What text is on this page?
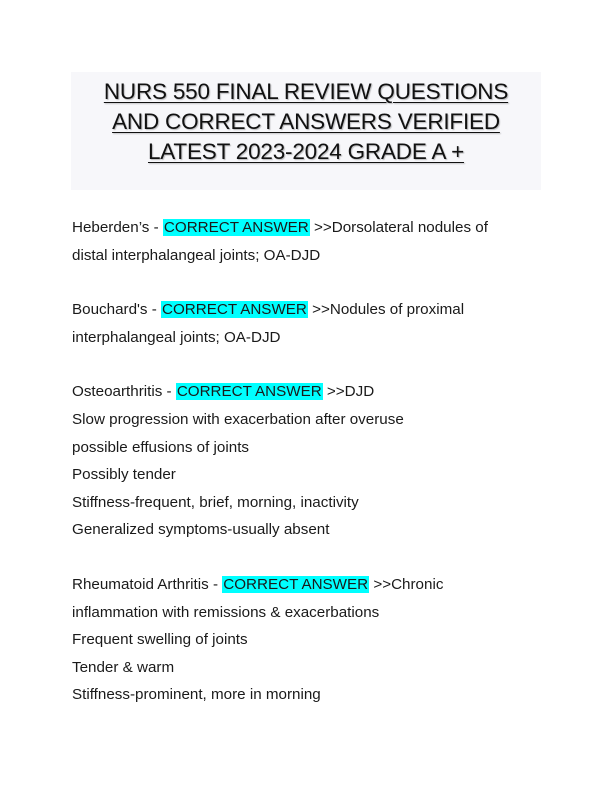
NURS 550 FINAL REVIEW QUESTIONS
AND CORRECT ANSWERS VERIFIED
LATEST 2023-2024 GRADE A +
Heberden’s - CORRECT ANSWER >>Dorsolateral nodules of
distal interphalangeal joints; OA-DJD
Bouchard's - CORRECT ANSWER >>Nodules of proximal
interphalangeal joints; OA-DJD
Osteoarthritis - CORRECT ANSWER >>DJD
Slow progression with exacerbation after overuse
possible effusions of joints
Possibly tender
Stiffness-frequent, brief, morning, inactivity
Generalized symptoms-usually absent
Rheumatoid Arthritis - CORRECT ANSWER >>Chronic
inflammation with remissions & exacerbations
Frequent swelling of joints
Tender & warm
Stiffness-prominent, more in morning
